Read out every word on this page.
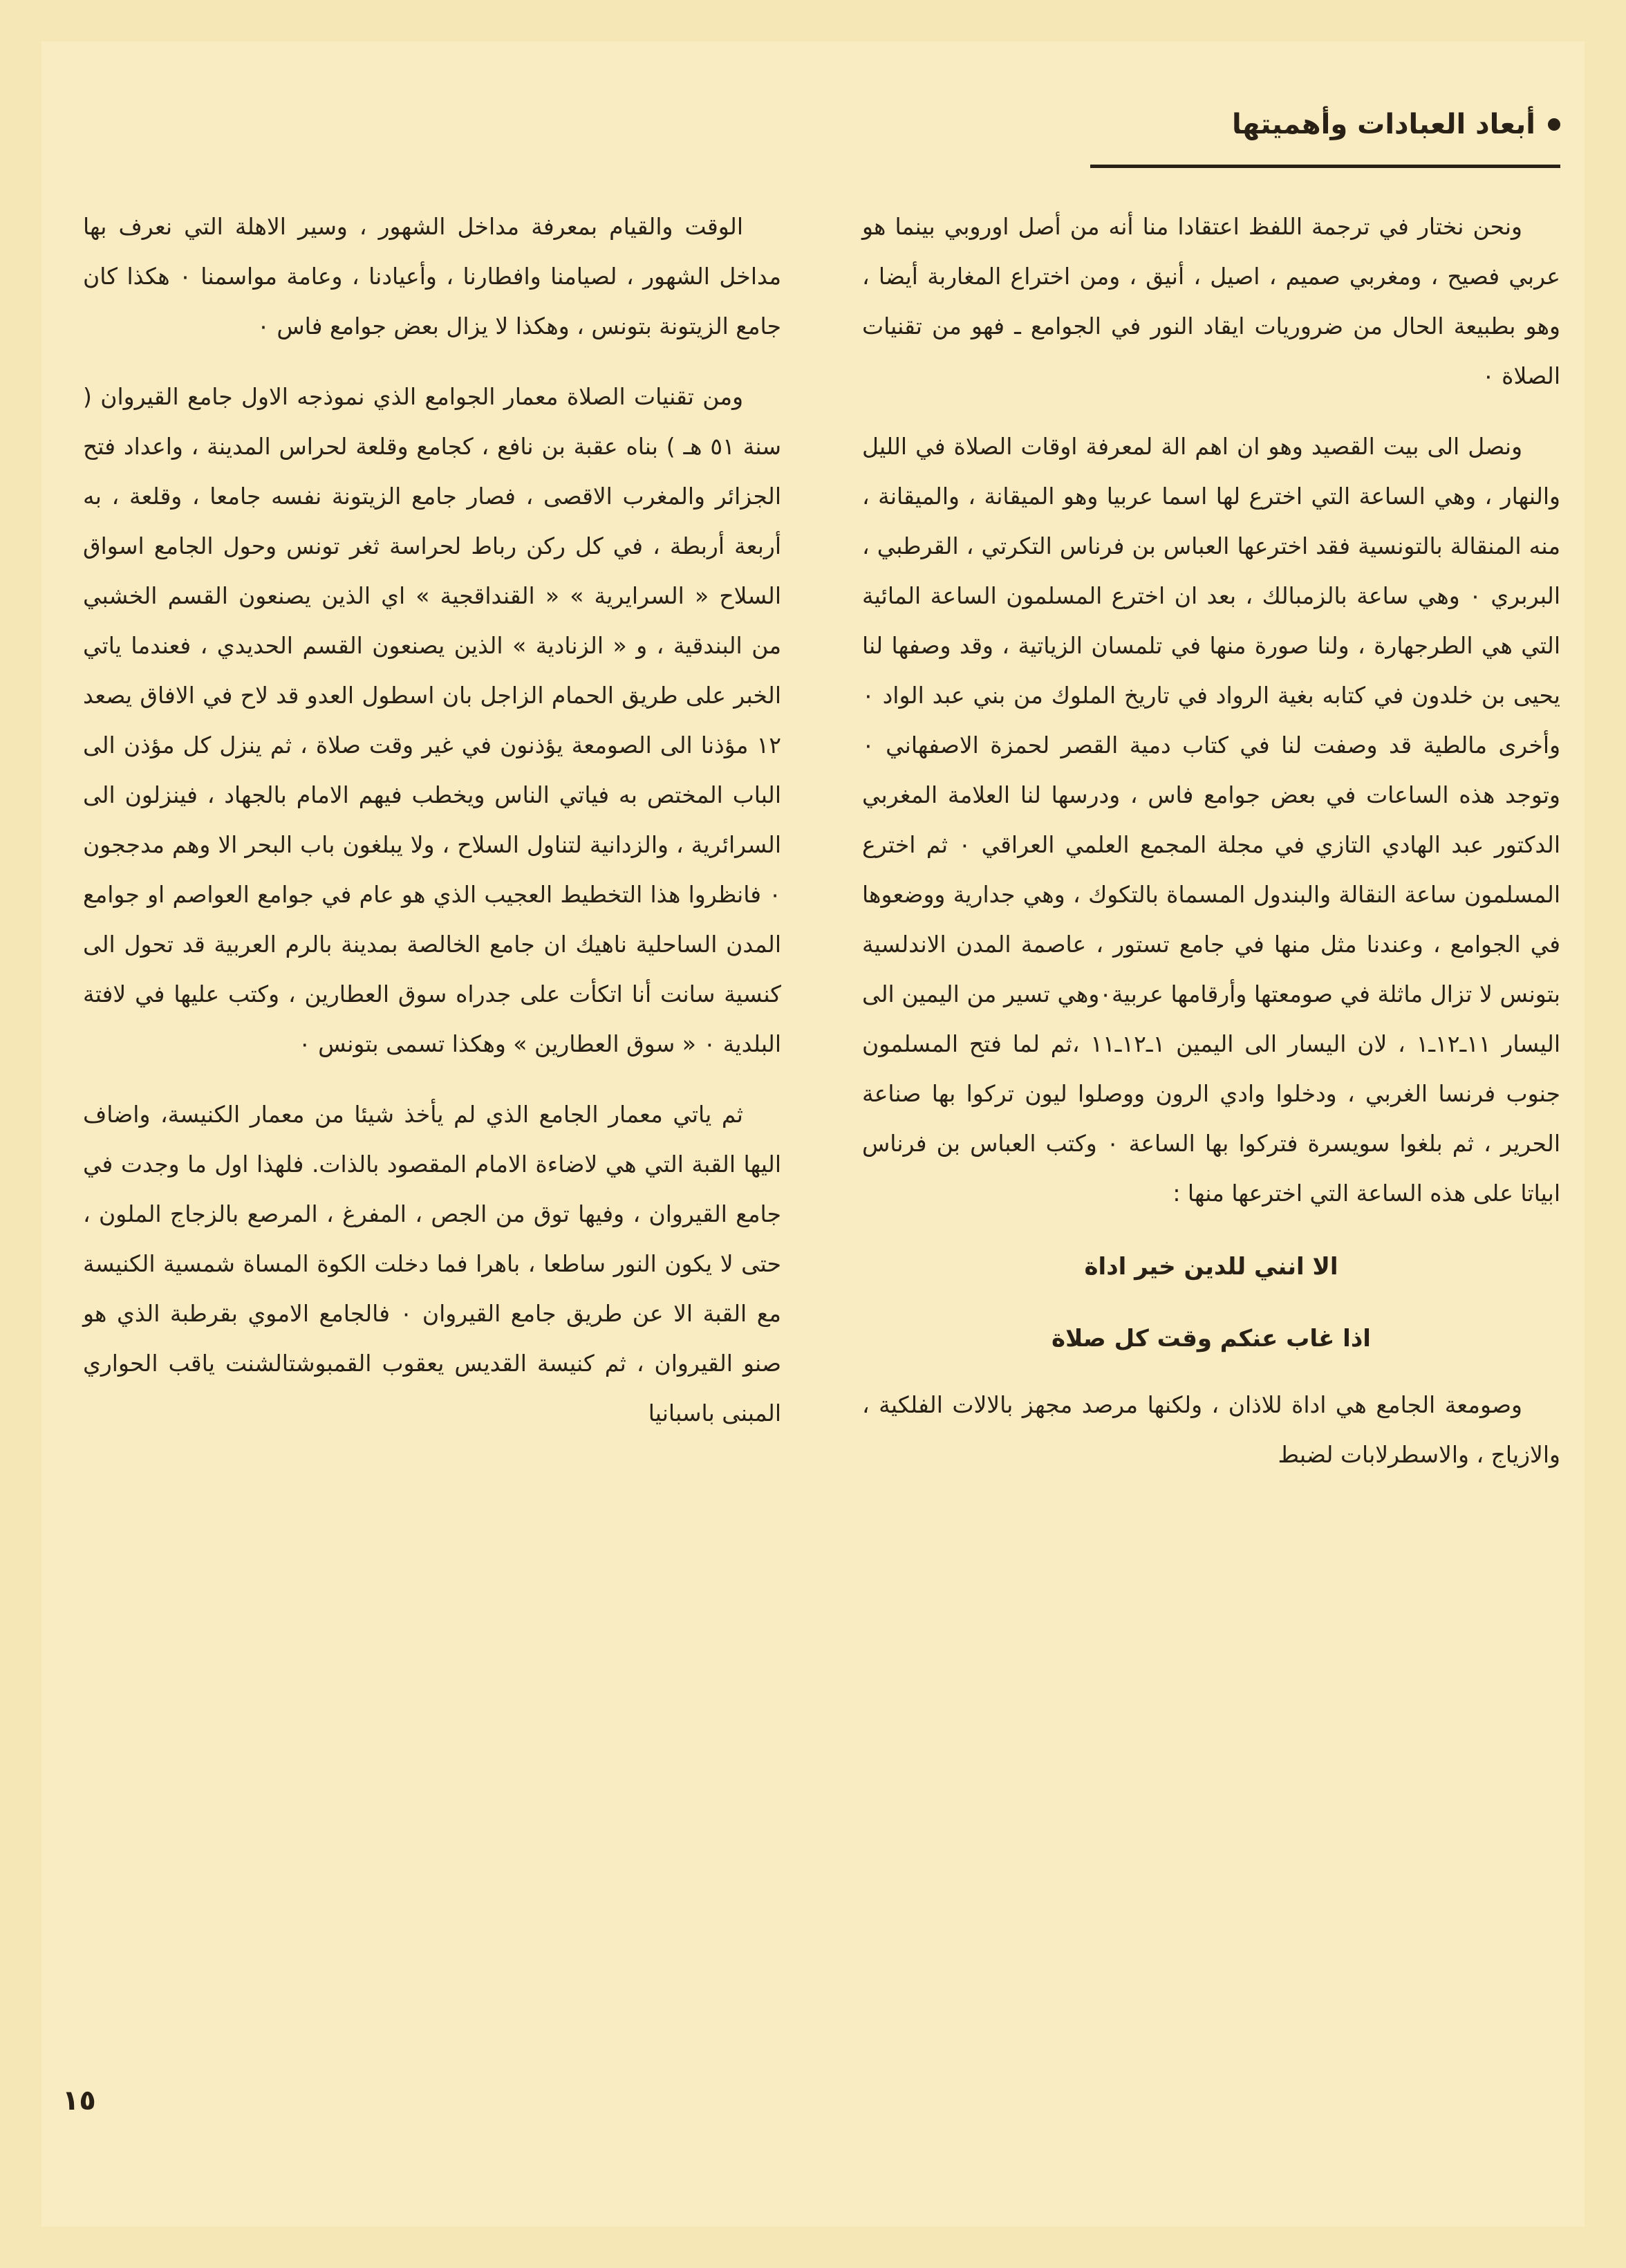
أبعاد العبادات وأهميتها

ونحن نختار في ترجمة اللفظ اعتقادا منا أنه من أصل اوروبي بينما هو عربي فصيح ، ومغربي صميم ، اصيل ، أنيق ، ومن اختراع المغاربة أيضا ، وهو بطبيعة الحال من ضروريات ايقاد النور في الجوامع ـ فهو من تقنيات الصلاة ٠

ونصل الى بيت القصيد وهو ان اهم الة لمعرفة اوقات الصلاة في الليل والنهار ، وهي الساعة التي اخترع لها اسما عربيا وهو الميقانة ، والميقانة ، منه المنقالة بالتونسية فقد اخترعها العباس بن فرناس التكرتي ، القرطبي ، البربري ٠ وهي ساعة بالزمبالك ، بعد ان اخترع المسلمون الساعة المائية التي هي الطرجهارة ، ولنا صورة منها في تلمسان الزياتية ، وقد وصفها لنا يحيى بن خلدون في كتابه بغية الرواد في تاريخ الملوك من بني عبد الواد ٠ وأخرى مالطية قد وصفت لنا في كتاب دمية القصر لحمزة الاصفهاني ٠ وتوجد هذه الساعات في بعض جوامع فاس ، ودرسها لنا العلامة المغربي الدكتور عبد الهادي التازي في مجلة المجمع العلمي العراقي ٠ ثم اخترع المسلمون ساعة النقالة والبندول المسماة بالتكوك ، وهي جدارية ووضعوها في الجوامع ، وعندنا مثل منها في جامع تستور ، عاصمة المدن الاندلسية بتونس لا تزال ماثلة في صومعتها وأرقامها عربية٠وهي تسير من اليمين الى اليسار ١١ـ١٢ـ١ ، لان اليسار الى اليمين ١ـ١٢ـ١١ ،ثم لما فتح المسلمون جنوب فرنسا الغربي ، ودخلوا وادي الرون ووصلوا ليون تركوا بها صناعة الحرير ، ثم بلغوا سويسرة فتركوا بها الساعة ٠ وكتب العباس بن فرناس ابياتا على هذه الساعة التي اخترعها منها :

الا انني للدين خير اداة

اذا غاب عنكم وقت كل صلاة

وصومعة الجامع هي اداة للاذان ، ولكنها مرصد مجهز بالالات الفلكية ، والازياج ، والاسطرلابات لضبط

الوقت والقيام بمعرفة مداخل الشهور ، وسير الاهلة التي نعرف بها مداخل الشهور ، لصيامنا وافطارنا ، وأعيادنا ، وعامة مواسمنا ٠ هكذا كان جامع الزيتونة بتونس ، وهكذا لا يزال بعض جوامع فاس ٠

ومن تقنيات الصلاة معمار الجوامع الذي نموذجه الاول جامع القيروان ( سنة ٥١ هـ ) بناه عقبة بن نافع ، كجامع وقلعة لحراس المدينة ، واعداد فتح الجزائر والمغرب الاقصى ، فصار جامع الزيتونة نفسه جامعا ، وقلعة ، به أربعة أربطة ، في كل ركن رباط لحراسة ثغر تونس وحول الجامع اسواق السلاح « السرايرية » « القنداقجية » اي الذين يصنعون القسم الخشبي من البندقية ، و « الزنادية » الذين يصنعون القسم الحديدي ، فعندما ياتي الخبر على طريق الحمام الزاجل بان اسطول العدو قد لاح في الافاق يصعد ١٢ مؤذنا الى الصومعة يؤذنون في غير وقت صلاة ، ثم ينزل كل مؤذن الى الباب المختص به فياتي الناس ويخطب فيهم الامام بالجهاد ، فينزلون الى السرائرية ، والزدانية لتناول السلاح ، ولا يبلغون باب البحر الا وهم مدججون ٠ فانظروا هذا التخطيط العجيب الذي هو عام في جوامع العواصم او جوامع المدن الساحلية ناهيك ان جامع الخالصة بمدينة بالرم العربية قد تحول الى كنسية سانت أنا اتكأت على جدراه سوق العطارين ، وكتب عليها في لافتة البلدية ٠ « سوق العطارين » وهكذا تسمى بتونس ٠

ثم ياتي معمار الجامع الذي لم يأخذ شيئا من معمار الكنيسة، واضاف اليها القبة التي هي لاضاءة الامام المقصود بالذات. فلهذا اول ما وجدت في جامع القيروان ، وفيها توق من الجص ، المفرغ ، المرصع بالزجاج الملون ، حتى لا يكون النور ساطعا ، باهرا فما دخلت الكوة المساة شمسية الكنيسة مع القبة الا عن طريق جامع القيروان ٠ فالجامع الاموي بقرطبة الذي هو صنو القيروان ، ثم كنيسة القديس يعقوب القمبوشتالشنت ياقب الحواري المبنى باسبانيا

١٥
